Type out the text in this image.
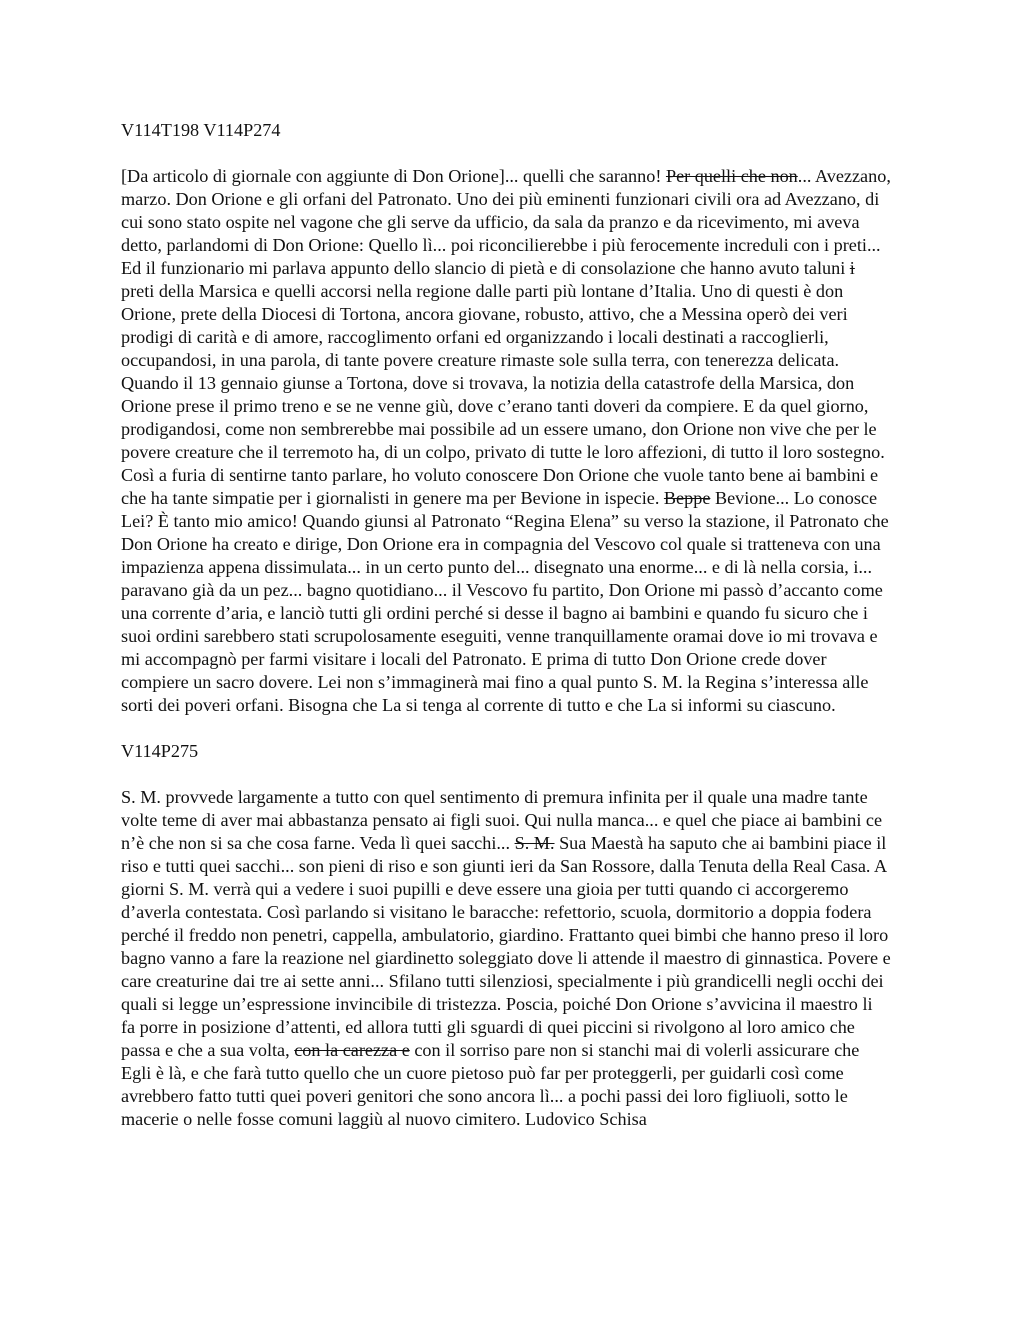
V114T198 V114P274

[Da articolo di giornale con aggiunte di Don Orione]... quelli che saranno! Per quelli che non... Avezzano, marzo. Don Orione e gli orfani del Patronato. Uno dei più eminenti funzionari civili ora ad Avezzano, di cui sono stato ospite nel vagone che gli serve da ufficio, da sala da pranzo e da ricevimento, mi aveva detto, parlandomi di Don Orione: Quello lì... poi riconcilierebbe i più ferocemente increduli con i preti... Ed il funzionario mi parlava appunto dello slancio di pietà e di consolazione che hanno avuto taluni i preti della Marsica e quelli accorsi nella regione dalle parti più lontane d’Italia. Uno di questi è don Orione, prete della Diocesi di Tortona, ancora giovane, robusto, attivo, che a Messina operò dei veri prodigi di carità e di amore, raccoglimento orfani ed organizzando i locali destinati a raccoglierli, occupandosi, in una parola, di tante povere creature rimaste sole sulla terra, con tenerezza delicata. Quando il 13 gennaio giunse a Tortona, dove si trovava, la notizia della catastrofe della Marsica, don Orione prese il primo treno e se ne venne giù, dove c’erano tanti doveri da compiere. E da quel giorno, prodigandosi, come non sembrerebbe mai possibile ad un essere umano, don Orione non vive che per le povere creature che il terremoto ha, di un colpo, privato di tutte le loro affezioni, di tutto il loro sostegno. Così a furia di sentirne tanto parlare, ho voluto conoscere Don Orione che vuole tanto bene ai bambini e che ha tante simpatie per i giornalisti in genere ma per Bevione in ispecie. Beppe Bevione... Lo conosce Lei? È tanto mio amico! Quando giunsi al Patronato “Regina Elena” su verso la stazione, il Patronato che Don Orione ha creato e dirige, Don Orione era in compagnia del Vescovo col quale si tratteneva con una impazienza appena dissimulata... in un certo punto del... disegnato una enorme... e di là nella corsia, i... paravano già da un pez... bagno quotidiano... il Vescovo fu partito, Don Orione mi passò d’accanto come una corrente d’aria, e lanciò tutti gli ordini perché si desse il bagno ai bambini e quando fu sicuro che i suoi ordini sarebbero stati scrupolosamente eseguiti, venne tranquillamente oramai dove io mi trovava e mi accompagnò per farmi visitare i locali del Patronato. E prima di tutto Don Orione crede dover compiere un sacro dovere. Lei non s’immaginerà mai fino a qual punto S. M. la Regina s’interessa alle sorti dei poveri orfani. Bisogna che La si tenga al corrente di tutto e che La si informi su ciascuno.

V114P275

S. M. provvede largamente a tutto con quel sentimento di premura infinita per il quale una madre tante volte teme di aver mai abbastanza pensato ai figli suoi. Qui nulla manca... e quel che piace ai bambini ce n’è che non si sa che cosa farne. Veda lì quei sacchi... S. M. Sua Maestà ha saputo che ai bambini piace il riso e tutti quei sacchi... son pieni di riso e son giunti ieri da San Rossore, dalla Tenuta della Real Casa. A giorni S. M. verrà qui a vedere i suoi pupilli e deve essere una gioia per tutti quando ci accorgeremo d’averla contestata. Così parlando si visitano le baracche: refettorio, scuola, dormitorio a doppia fodera perché il freddo non penetri, cappella, ambulatorio, giardino. Frattanto quei bimbi che hanno preso il loro bagno vanno a fare la reazione nel giardinetto soleggiato dove li attende il maestro di ginnastica. Povere e care creaturine dai tre ai sette anni... Sfilano tutti silenziosi, specialmente i più grandicelli negli occhi dei quali si legge un’espressione invincibile di tristezza. Poscia, poiché Don Orione s’avvicina il maestro li fa porre in posizione d’attenti, ed allora tutti gli sguardi di quei piccini si rivolgono al loro amico che passa e che a sua volta, con la carezza e con il sorriso pare non si stanchi mai di volerli assicurare che Egli è là, e che farà tutto quello che un cuore pietoso può far per proteggerli, per guidarli così come avrebbero fatto tutti quei poveri genitori che sono ancora lì... a pochi passi dei loro figliuoli, sotto le macerie o nelle fosse comuni laggiù al nuovo cimitero. Ludovico Schisa
